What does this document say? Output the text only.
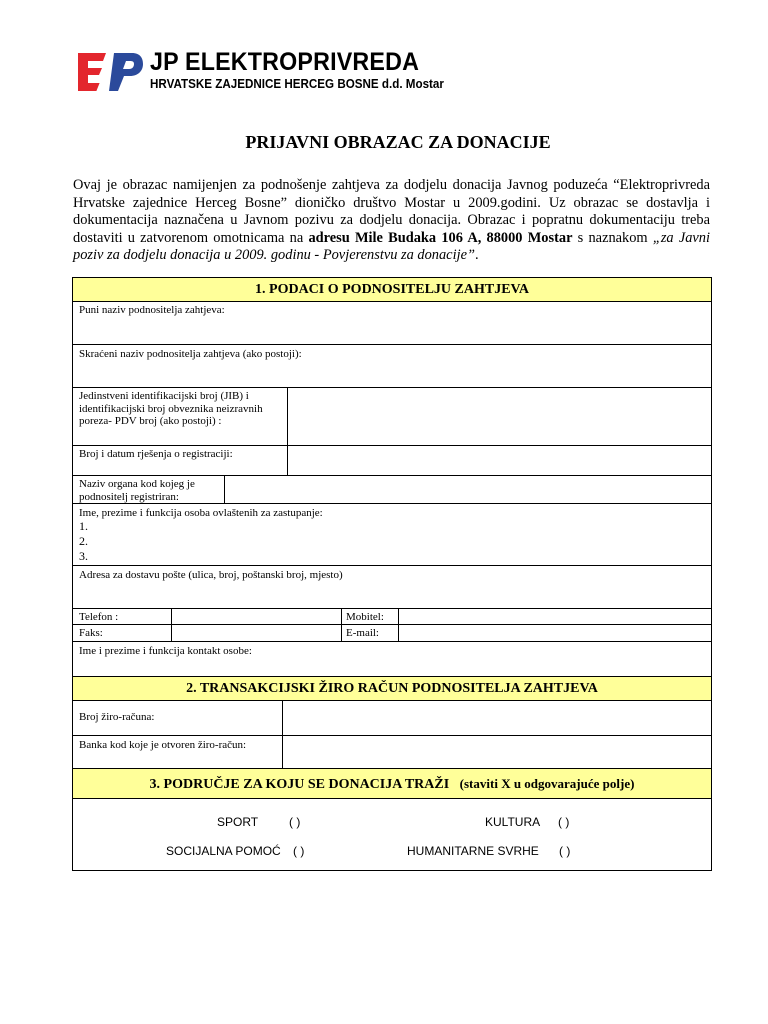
JP ELEKTROPRIVREDA
HRVATSKE ZAJEDNICE HERCEG BOSNE d.d. Mostar
PRIJAVNI OBRAZAC ZA DONACIJE
Ovaj je obrazac namijenjen za podnošenje zahtjeva za dodjelu donacija Javnog poduzeća “Elektroprivreda Hrvatske zajednice Herceg Bosne” dioničko društvo Mostar u 2009.godini. Uz obrazac se dostavlja i dokumentacija naznačena u Javnom pozivu za dodjelu donacija. Obrazac i popratnu dokumentaciju treba dostaviti u zatvorenom omotnicama na adresu Mile Budaka 106 A, 88000 Mostar s naznakom „za Javni poziv za dodjelu donacija u 2009. godinu - Povjerenstvu za donacije”.
1. PODACI O PODNOSITELJU ZAHTJEVA
Puni naziv podnositelja zahtjeva:
Skraćeni naziv podnositelja zahtjeva (ako postoji):
Jedinstveni identifikacijski broj (JIB) i identifikacijski broj obveznika neizravnih poreza- PDV broj (ako postoji) :
Broj i datum rješenja o registraciji:
Naziv organa kod kojeg je podnositelj registriran:
Ime, prezime i funkcija osoba ovlaštenih za zastupanje:
1.
2.
3.
Adresa za dostavu pošte (ulica, broj, poštanski broj, mjesto)
Telefon :	Mobitel:
Faks:	E-mail:
Ime i prezime i funkcija kontakt osobe:
2. TRANSAKCIJSKI ŽIRO RAČUN PODNOSITELJA ZAHTJEVA
Broj žiro-računa:
Banka kod koje je otvoren žiro-račun:
3. PODRUČJE ZA KOJU SE DONACIJA TRAŽI (staviti X u odgovarajuće polje)
SPORT	( )	KULTURA ( )
SOCIJALNA POMOĆ ( )	HUMANITARNE SVRHE ( )
